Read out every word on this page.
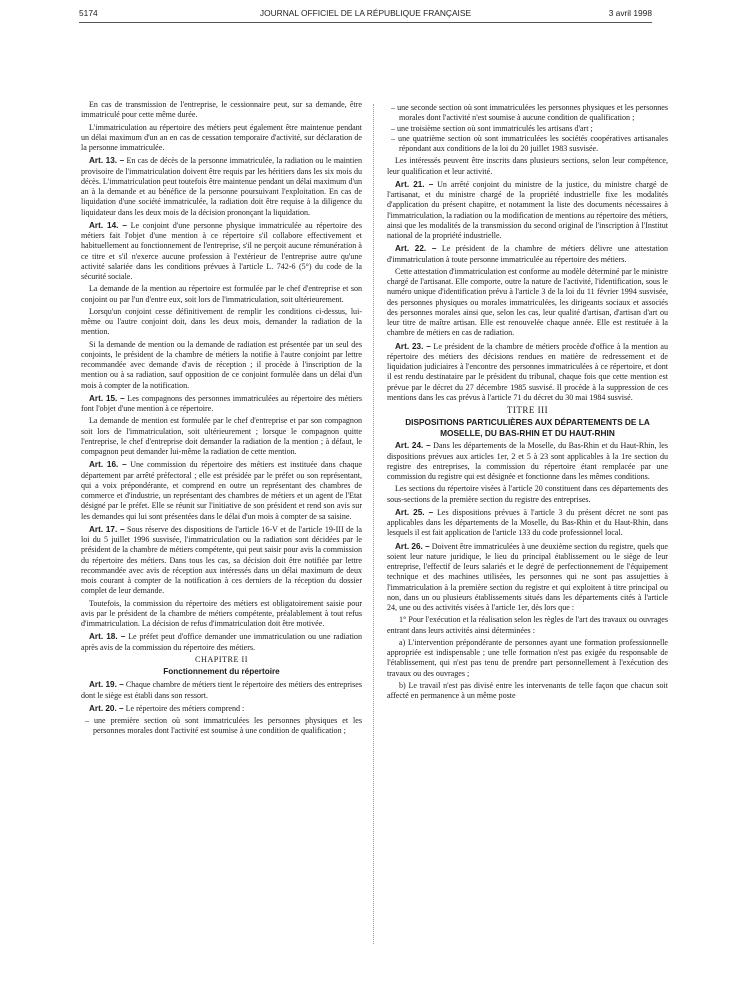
5174	JOURNAL OFFICIEL DE LA RÉPUBLIQUE FRANÇAISE	3 avril 1998

En cas de transmission de l'entreprise, le cessionnaire peut, sur sa demande, être immatriculé pour cette même durée.

L'immatriculation au répertoire des métiers peut également être maintenue pendant un délai maximum d'un an en cas de cessation temporaire d'activité, sur déclaration de la personne immatriculée.

Art. 13. – En cas de décès de la personne immatriculée, la radiation ou le maintien provisoire de l'immatriculation doivent être requis par les héritiers dans les six mois du décès. L'immatriculation peut toutefois être maintenue pendant un délai maximum d'un an à la demande et au bénéfice de la personne poursuivant l'exploitation. En cas de liquidation d'une société immatriculée, la radiation doit être requise à la diligence du liquidateur dans les deux mois de la décision prononçant la liquidation.

Art. 14. – Le conjoint d'une personne physique immatriculée au répertoire des métiers fait l'objet d'une mention à ce répertoire s'il collabore effectivement et habituellement au fonctionnement de l'entreprise, s'il ne perçoit aucune rémunération à ce titre et s'il n'exerce aucune profession à l'extérieur de l'entreprise autre qu'une activité salariée dans les conditions prévues à l'article L. 742-6 (5°) du code de la sécurité sociale.

La demande de la mention au répertoire est formulée par le chef d'entreprise et son conjoint ou par l'un d'entre eux, soit lors de l'immatriculation, soit ultérieurement.

Lorsqu'un conjoint cesse définitivement de remplir les conditions ci-dessus, lui-même ou l'autre conjoint doit, dans les deux mois, demander la radiation de la mention.

Si la demande de mention ou la demande de radiation est présentée par un seul des conjoints, le président de la chambre de métiers la notifie à l'autre conjoint par lettre recommandée avec demande d'avis de réception ; il procède à l'inscription de la mention ou à sa radiation, sauf opposition de ce conjoint formulée dans un délai d'un mois à compter de la notification.

Art. 15. – Les compagnons des personnes immatriculées au répertoire des métiers font l'objet d'une mention à ce répertoire.

La demande de mention est formulée par le chef d'entreprise et par son compagnon soit lors de l'immatriculation, soit ultérieurement ; lorsque le compagnon quitte l'entreprise, le chef d'entreprise doit demander la radiation de la mention ; à défaut, le compagnon peut demander lui-même la radiation de cette mention.

Art. 16. – Une commission du répertoire des métiers est instituée dans chaque département par arrêté préfectoral ; elle est présidée par le préfet ou son représentant, qui a voix prépondérante, et comprend en outre un représentant des chambres de commerce et d'industrie, un représentant des chambres de métiers et un agent de l'Etat désigné par le préfet. Elle se réunit sur l'initiative de son président et rend son avis sur les demandes qui lui sont présentées dans le délai d'un mois à compter de sa saisine.

Art. 17. – Sous réserve des dispositions de l'article 16-V et de l'article 19-III de la loi du 5 juillet 1996 susvisée, l'immatriculation ou la radiation sont décidées par le président de la chambre de métiers compétente, qui peut saisir pour avis la commission du répertoire des métiers. Dans tous les cas, sa décision doit être notifiée par lettre recommandée avec avis de réception aux intéressés dans un délai maximum de deux mois courant à compter de la notification à ces derniers de la réception du dossier complet de leur demande.

Toutefois, la commission du répertoire des métiers est obligatoirement saisie pour avis par le président de la chambre de métiers compétente, préalablement à tout refus d'immatriculation. La décision de refus d'immatriculation doit être motivée.

Art. 18. – Le préfet peut d'office demander une immatriculation ou une radiation après avis de la commission du répertoire des métiers.

CHAPITRE II

Fonctionnement du répertoire

Art. 19. – Chaque chambre de métiers tient le répertoire des métiers des entreprises dont le siège est établi dans son ressort.

Art. 20. – Le répertoire des métiers comprend :

– une première section où sont immatriculées les personnes physiques et les personnes morales dont l'activité est soumise à une condition de qualification ;
– une seconde section où sont immatriculées les personnes physiques et les personnes morales dont l'activité n'est soumise à aucune condition de qualification ;
– une troisième section où sont immatriculés les artisans d'art ;
– une quatrième section où sont immatriculées les sociétés coopératives artisanales répondant aux conditions de la loi du 20 juillet 1983 susvisée.

Les intéressés peuvent être inscrits dans plusieurs sections, selon leur compétence, leur qualification et leur activité.

Art. 21. – Un arrêté conjoint du ministre de la justice, du ministre chargé de l'artisanat, et du ministre chargé de la propriété industrielle fixe les modalités d'application du présent chapitre, et notamment la liste des documents nécessaires à l'immatriculation, la radiation ou la modification de mentions au répertoire des métiers, ainsi que les modalités de la transmission du second original de l'inscription à l'Institut national de la propriété industrielle.

Art. 22. – Le président de la chambre de métiers délivre une attestation d'immatriculation à toute personne immatriculée au répertoire des métiers.

Cette attestation d'immatriculation est conforme au modèle déterminé par le ministre chargé de l'artisanat. Elle comporte, outre la nature de l'activité, l'identification, sous le numéro unique d'identification prévu à l'article 3 de la loi du 11 février 1994 susvisée, des personnes physiques ou morales immatriculées, les dirigeants sociaux et associés des personnes morales ainsi que, selon les cas, leur qualité d'artisan, d'artisan d'art ou leur titre de maître artisan. Elle est renouvelée chaque année. Elle est restituée à la chambre de métiers en cas de radiation.

Art. 23. – Le président de la chambre de métiers procède d'office à la mention au répertoire des métiers des décisions rendues en matière de redressement et de liquidation judiciaires à l'encontre des personnes immatriculées à ce répertoire, et dont il est rendu destinataire par le président du tribunal, chaque fois que cette mention est prévue par le décret du 27 décembre 1985 susvisé. Il procède à la suppression de ces mentions dans les cas prévus à l'article 71 du décret du 30 mai 1984 susvisé.

TITRE III

DISPOSITIONS PARTICULIÈRES AUX DÉPARTEMENTS DE LA MOSELLE, DU BAS-RHIN ET DU HAUT-RHIN

Art. 24. – Dans les départements de la Moselle, du Bas-Rhin et du Haut-Rhin, les dispositions prévues aux articles 1er, 2 et 5 à 23 sont applicables à la 1re section du registre des entreprises, la commission du répertoire étant remplacée par une commission du registre qui est désignée et fonctionne dans les mêmes conditions.

Les sections du répertoire visées à l'article 20 constituent dans ces départements des sous-sections de la première section du registre des entreprises.

Art. 25. – Les dispositions prévues à l'article 3 du présent décret ne sont pas applicables dans les départements de la Moselle, du Bas-Rhin et du Haut-Rhin, dans lesquels il est fait application de l'article 133 du code professionnel local.

Art. 26. – Doivent être immatriculées à une deuxième section du registre, quels que soient leur nature juridique, le lieu du principal établissement ou le siège de leur entreprise, l'effectif de leurs salariés et le degré de perfectionnement de l'équipement technique et des machines utilisées, les personnes qui ne sont pas assujetties à l'immatriculation à la première section du registre et qui exploitent à titre principal ou non, dans un ou plusieurs établissements situés dans les départements cités à l'article 24, une ou des activités visées à l'article 1er, dès lors que :

1° Pour l'exécution et la réalisation selon les règles de l'art des travaux ou ouvrages entrant dans leurs activités ainsi déterminées :

a) L'intervention prépondérante de personnes ayant une formation professionnelle appropriée est indispensable ; une telle formation n'est pas exigée du responsable de l'établissement, qui n'est pas tenu de prendre part personnellement à l'exécution des travaux ou des ouvrages ;

b) Le travail n'est pas divisé entre les intervenants de telle façon que chacun soit affecté en permanence à un même poste
